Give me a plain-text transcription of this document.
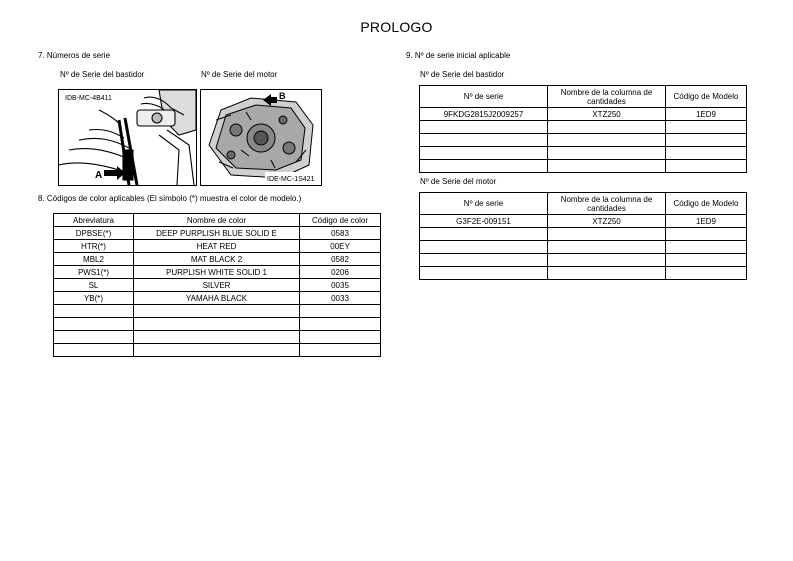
PROLOGO
7. Números de serie
Nº de Serie del bastidor	Nº de Serie del motor
IDB-MC-4B411
A
B
IDE-MC-1S421
8. Códigos de color aplicables (El símbolo (*) muestra el color de modelo.)
Abreviatura	Nombre de color	Código de color
DPBSE(*)	DEEP PURPLISH BLUE SOLID E	0583
HTR(*)	HEAT RED	00EY
MBL2	MAT BLACK 2	0582
PWS1(*)	PURPLISH WHITE SOLID 1	0206
SL	SILVER	0035
YB(*)	YAMAHA BLACK	0033

9. Nº de serie inicial aplicable
Nº de Serie del bastidor
Nº de serie	Nombre de la columna de cantidades	Código de Modelo
9FKDG2815J2009257	XTZ250	1ED9

Nº de Serie del motor
Nº de serie	Nombre de la columna de cantidades	Código de Modelo
G3F2E-009151	XTZ250	1ED9
